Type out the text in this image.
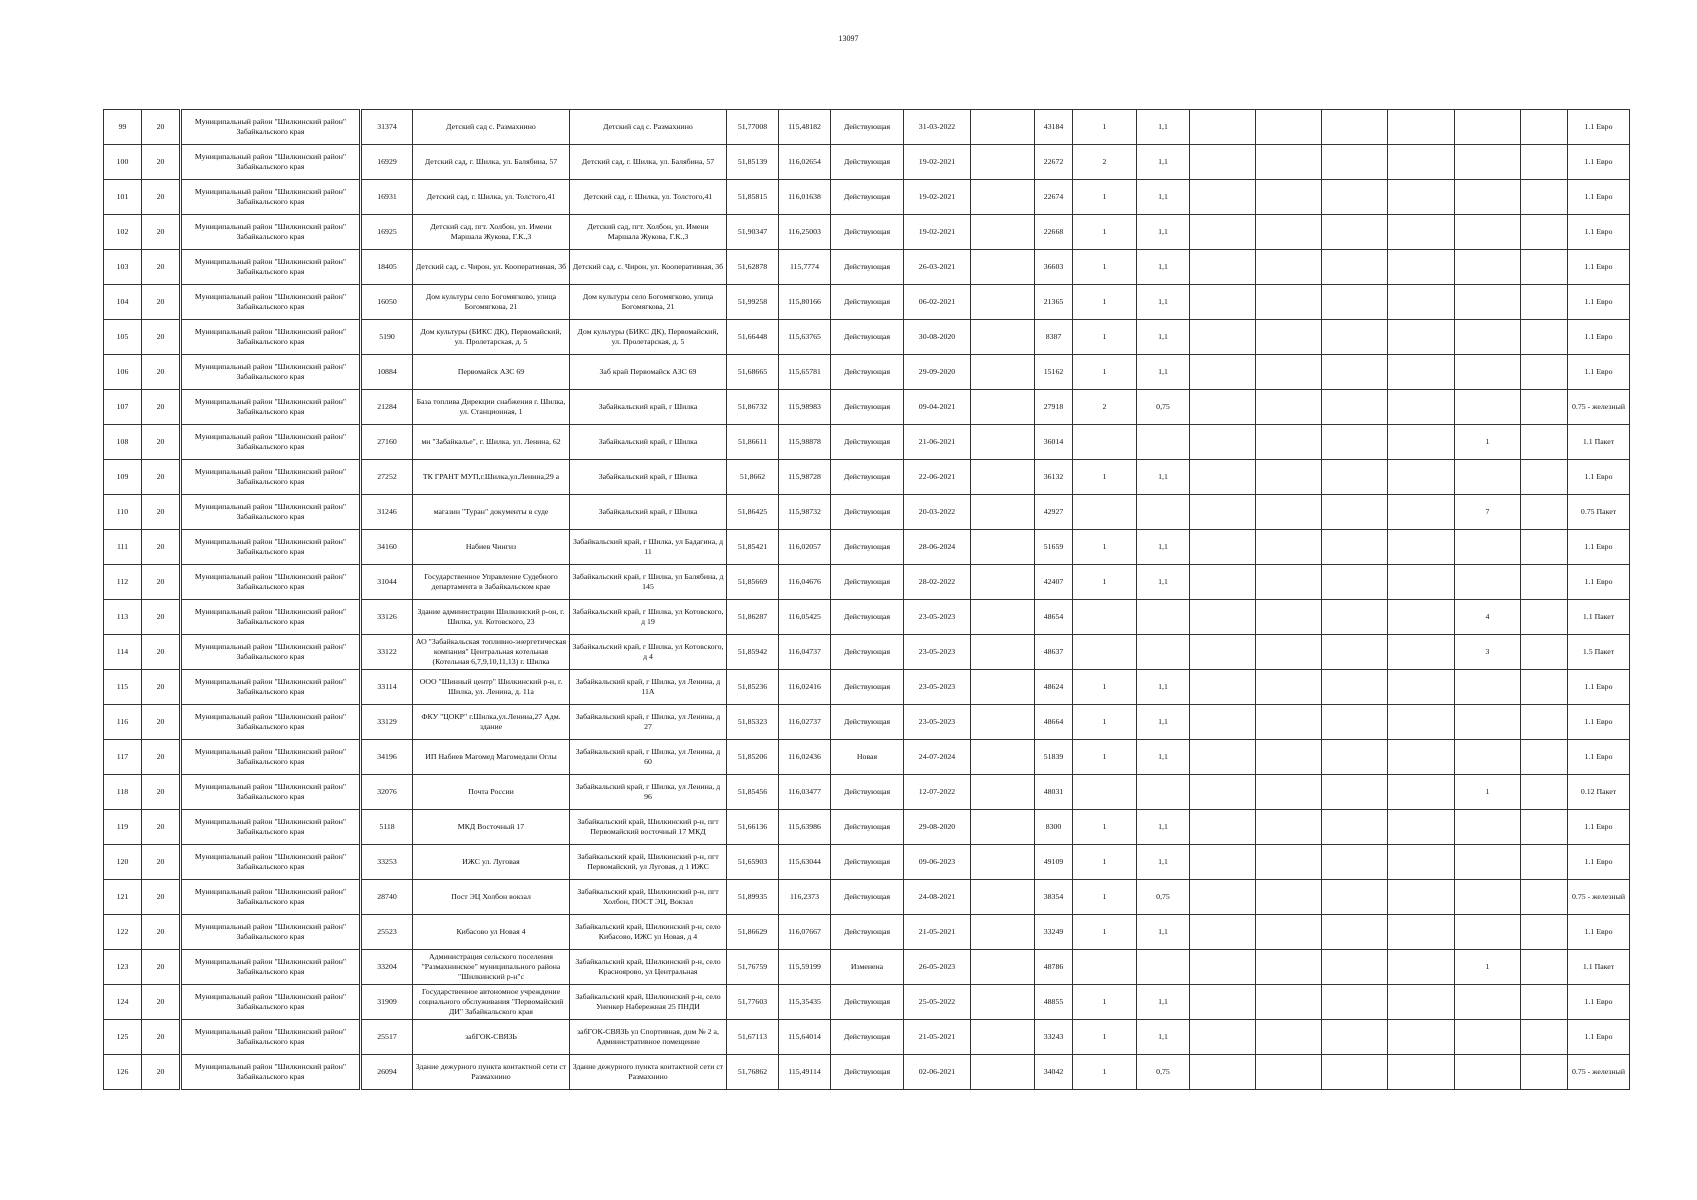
13097
99	20	Муниципальный район "Шилкинский район" Забайкальского края	31374	Детский сад с. Размахнино	Детский сад с. Размахнино	51,77008	115,48182	Действующая	31-03-2022		43184	1	1,1							1.1 Евро

100	20	Муниципальный район "Шилкинский район" Забайкальского края	16929	Детский сад, г. Шилка, ул. Балябина, 57	Детский сад, г. Шилка, ул. Балябина, 57	51,85139	116,02654	Действующая	19-02-2021		22672	2	1,1							1.1 Евро

101	20	Муниципальный район "Шилкинский район" Забайкальского края	16931	Детский сад, г. Шилка, ул. Толстого,41	Детский сад, г. Шилка, ул. Толстого,41	51,85815	116,01638	Действующая	19-02-2021		22674	1	1,1							1.1 Евро

102	20	Муниципальный район "Шилкинский район" Забайкальского края	16925	Детский сад, пгт. Холбон, ул. Имени Маршала Жукова, Г.К.,3	Детский сад, пгт. Холбон, ул. Имени Маршала Жукова, Г.К.,3	51,90347	116,25003	Действующая	19-02-2021		22668	1	1,1							1.1 Евро

103	20	Муниципальный район "Шилкинский район" Забайкальского края	18405	Детский сад, с. Чирон, ул. Кооперативная, 3б	Детский сад, с. Чирон, ул. Кооперативная, 3б	51,62878	115,7774	Действующая	26-03-2021		36603	1	1,1							1.1 Евро

104	20	Муниципальный район "Шилкинский район" Забайкальского края	16050	Дом культуры село Богомягково, улица Богомягкова, 21	Дом культуры село Богомягково, улица Богомягкова, 21	51,99258	115,80166	Действующая	06-02-2021		21365	1	1,1							1.1 Евро

105	20	Муниципальный район "Шилкинский район" Забайкальского края	5190	Дом культуры (БИКС ДК), Первомайский, ул. Пролетарская, д. 5	Дом культуры (БИКС ДК), Первомайский, ул. Пролетарская, д. 5	51,66448	115,63765	Действующая	30-08-2020		8387	1	1,1							1.1 Евро

106	20	Муниципальный район "Шилкинский район" Забайкальского края	10884	Первомайск АЗС 69	Заб край Первомайск АЗС 69	51,68665	115,65781	Действующая	29-09-2020		15162	1	1,1							1.1 Евро

107	20	Муниципальный район "Шилкинский район" Забайкальского края	21284	База топлива Дирекции снабжения г. Шилка, ул. Станционная, 1	Забайкальский край, г Шилка	51,86732	115,98983	Действующая	09-04-2021		27918	2	0,75							0.75 - железный

108	20	Муниципальный район "Шилкинский район" Забайкальского края	27160	мн "Забайкалье", г. Шилка, ул. Ленина, 62	Забайкальский край, г Шилка	51,86611	115,98878	Действующая	21-06-2021		36014							1		1.1 Пакет

109	20	Муниципальный район "Шилкинский район" Забайкальского края	27252	ТК ГРАНТ МУП,г.Шилка,ул.Ленина,29 а	Забайкальский край, г Шилка	51,8662	115,98728	Действующая	22-06-2021		36132	1	1,1							1.1 Евро

110	20	Муниципальный район "Шилкинский район" Забайкальского края	31246	магазин "Туран" документы в суде	Забайкальский край, г Шилка	51,86425	115,98732	Действующая	20-03-2022		42927							7		0.75 Пакет

111	20	Муниципальный район "Шилкинский район" Забайкальского края	34160	Набиев Чингиз	Забайкальский край, г Шилка, ул Бадагина, д 11	51,85421	116,02057	Действующая	28-06-2024		51659	1	1,1							1.1 Евро

112	20	Муниципальный район "Шилкинский район" Забайкальского края	31044	Государственное Управление Судебного департамента в Забайкальском крае	Забайкальский край, г Шилка, ул Балябина, д 145	51,85669	116,04676	Действующая	28-02-2022		42407	1	1,1							1.1 Евро

113	20	Муниципальный район "Шилкинский район" Забайкальского края	33126	Здание администрации Шилкинский р-он, г. Шилка, ул. Котовского, 23	Забайкальский край, г Шилка, ул Котовского, д 19	51,86287	116,05425	Действующая	23-05-2023		48654							4		1.1 Пакет

114	20	Муниципальный район "Шилкинский район" Забайкальского края	33122	АО "Забайкальская топливно-энергетическая компания" Центральная котельная (Котельная 6,7,9,10,11,13) г. Шилка	Забайкальский край, г Шилка, ул Котовского, д 4	51,85942	116,04737	Действующая	23-05-2023		48637							3		1.5 Пакет

115	20	Муниципальный район "Шилкинский район" Забайкальского края	33114	ООО "Шинный центр" Шилкинский р-н, г. Шилка, ул. Ленина, д. 11а	Забайкальский край, г Шилка, ул Ленина, д 11А	51,85236	116,02416	Действующая	23-05-2023		48624	1	1,1							1.1 Евро

116	20	Муниципальный район "Шилкинский район" Забайкальского края	33129	ФКУ "ЦОКР" г.Шилка,ул.Ленина,27 Адм. здание	Забайкальский край, г Шилка, ул Ленина, д 27	51,85323	116,02737	Действующая	23-05-2023		48664	1	1,1							1.1 Евро

117	20	Муниципальный район "Шилкинский район" Забайкальского края	34196	ИП Набиев Магомед Магомедали Оглы	Забайкальский край, г Шилка, ул Ленина, д 60	51,85206	116,02436	Новая	24-07-2024		51839	1	1,1							1.1 Евро

118	20	Муниципальный район "Шилкинский район" Забайкальского края	32076	Почта России	Забайкальский край, г Шилка, ул Ленина, д 96	51,85456	116,03477	Действующая	12-07-2022		48031							1		0.12 Пакет

119	20	Муниципальный район "Шилкинский район" Забайкальского края	5118	МКД Восточный 17	Забайкальский край, Шилкинский р-н, пгт Первомайский восточный 17 МКД	51,66136	115,63986	Действующая	29-08-2020		8300	1	1,1							1.1 Евро

120	20	Муниципальный район "Шилкинский район" Забайкальского края	33253	ИЖС ул. Луговая	Забайкальский край, Шилкинский р-н, пгт Первомайский, ул Луговая, д 1 ИЖС	51,65903	115,63044	Действующая	09-06-2023		49109	1	1,1							1.1 Евро

121	20	Муниципальный район "Шилкинский район" Забайкальского края	28740	Пост ЭЦ Холбон вокзал	Забайкальский край, Шилкинский р-н, пгт Холбон, ПОСТ ЭЦ, Вокзал	51,89935	116,2373	Действующая	24-08-2021		38354	1	0,75							0.75 - железный

122	20	Муниципальный район "Шилкинский район" Забайкальского края	25523	Кибасово ул Новая 4	Забайкальский край, Шилкинский р-н, село Кибасово, ИЖС ул Новая, д 4	51,86629	116,07667	Действующая	21-05-2021		33249	1	1,1							1.1 Евро

123	20	Муниципальный район "Шилкинский район" Забайкальского края	33204	Администрация сельского поселения "Размахнинское" муниципального района "Шилкинский р-н"с	Забайкальский край, Шилкинский р-н, село Красноярово, ул Центральная	51,76759	115,59199	Изменена	26-05-2023		48786							1		1.1 Пакет

124	20	Муниципальный район "Шилкинский район" Забайкальского края	31909	Государственное автономное учреждение социального обслуживания "Первомайский ДИ" Забайкальского края	Забайкальский край, Шилкинский р-н, село Уненкер Набережная 25 ПНДИ	51,77603	115,35435	Действующая	25-05-2022		48855	1	1,1							1.1 Евро

125	20	Муниципальный район "Шилкинский район" Забайкальского края	25517	забГОК-СВЯЗЬ	забГОК-СВЯЗЬ ул Спортивная, дом № 2 а, Административное помещение	51,67113	115,64014	Действующая	21-05-2021		33243	1	1,1							1.1 Евро

126	20	Муниципальный район "Шилкинский район" Забайкальского края	26094	Здание дежурного пункта контактной сети ст Размахнино	Здание дежурного пункта контактной сети ст Размахнино	51,76862	115,49114	Действующая	02-06-2021		34042	1	0,75							0.75 - железный
